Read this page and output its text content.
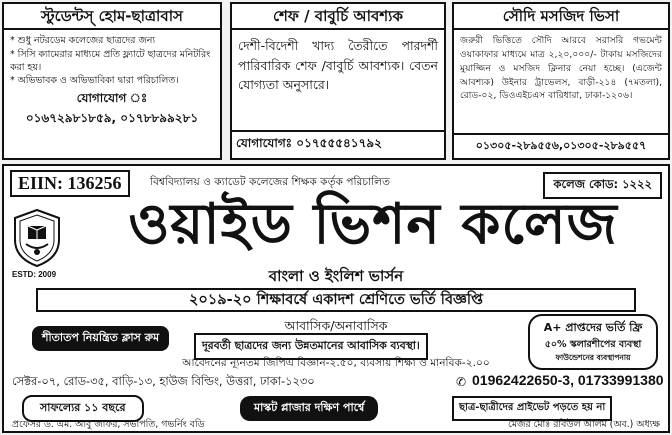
স্টুডেন্টস্ হোম-ছাত্রাবাস
* শুধু নটরডেম কলেজের ছাত্রদের জন্য
* সিসি ক্যামেরার মাধ্যমে প্রতি ফ্ল্যাটে ছাত্রদের মনিটরিং করা হয়।
* অভিভাবক ও অভিভাবিকা দ্বারা পরিচালিত।
যোগাযোগ ঃ
০১৬৭২৯৮১৮৫৯, ০১৭৮৮৯৯২৮১
শেফ / বাবুর্চি আবশ্যক
দেশী-বিদেশী খাদ্য তৈরীতে পারদর্শী পারিবারিক শেফ /বাবুর্চি আবশ্যক। বেতন যোগ্যতা অনুসারে।
যোগাযোগঃ ০১৭৫৫৫৪১৭৯২
সৌদি মসজিদ ভিসা
জরুরী ভিত্তিতে সৌদি আরবে সরাসরি গভমেন্ট ওয়াকাফার মাধ্যমে মাত্র ২,২০,০০০/- টাকায় মসজিদের মুয়াজ্জিন ও মসজিদ ক্লিনার নেয়া হচ্ছে। (এজেন্ট আবশ্যক) উইনার ট্রাভেলস, বাড়ী-২১৪ (৭মতলা), রোড-০২, ডিওএইচএস বারিধারা, ঢাকা-১২০৬।
০১৩০৫-২৮৯৫৫৬,০১৩০৫-২৮৯৫৫৭
EIIN: 136256	বিশ্ববিদ্যালয় ও ক্যাডেট কলেজের শিক্ষক কর্তৃক পরিচালিত	কলেজ কোড: ১২২২
ESTD: 2009
ওয়াইড ভিশন কলেজ
বাংলা ও ইংলিশ ভার্সন
২০১৯-২০ শিক্ষাবর্ষে একাদশ শ্রেণিতে ভর্তি বিজ্ঞপ্তি
আবাসিক/অনাবাসিক
শীতাতপ নিয়ন্ত্রিত ক্লাস রুম
দূরবর্তী ছাত্রদের জন্য উন্নতমানের আবাসিক ব্যবস্থা।
A+ প্রাপ্তদের ভর্তি ফ্রি
৫০% স্কলারশীপের ব্যবস্থা
ফাউন্ডেশনের ব্যবস্থাপনায়
আবেদনের ন্যূনতম জিপিএ বিজ্ঞান-২.৫০, ব্যবসায় শিক্ষা ও মানবিক-২.০০
সেক্টর-০৭, রোড-৩৫, বাড়ি-১৩, হাউজ বিল্ডিং, উত্তরা, ঢাকা-১২৩০	✆ 01962422650-3, 01733991380
সাফল্যের ১১ বছরে	মাস্কট প্লাজার দক্ষিণ পার্শ্বে	ছাত্র-ছাত্রীদের প্রাইভেট পড়তে হয় না
প্রফেসর ড. এম. আবু জাফর, সভাপতি, গভর্নিং বডি	মেজর মোঃ রবিউল আলম (অব.) অধ্যক্ষ
